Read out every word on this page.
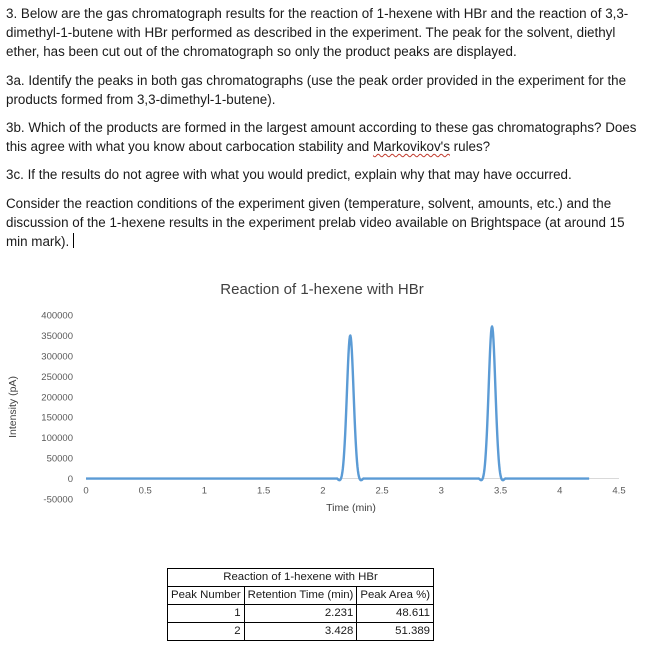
3. Below are the gas chromatograph results for the reaction of 1-hexene with HBr and the reaction of 3,3-dimethyl-1-butene with HBr performed as described in the experiment. The peak for the solvent, diethyl ether, has been cut out of the chromatograph so only the product peaks are displayed.

3a. Identify the peaks in both gas chromatographs (use the peak order provided in the experiment for the products formed from 3,3-dimethyl-1-butene).

3b. Which of the products are formed in the largest amount according to these gas chromatographs? Does this agree with what you know about carbocation stability and Markovikov's rules?

3c. If the results do not agree with what you would predict, explain why that may have occurred.

Consider the reaction conditions of the experiment given (temperature, solvent, amounts, etc.) and the discussion of the 1-hexene results in the experiment prelab video available on Brightspace (at around 15 min mark).

Reaction of 1-hexene with HBr
400000
350000
300000
250000
200000
150000
100000
50000
0
-50000
0	0.5	1	1.5	2	2.5	3	3.5	4	4.5
Time (min)
Intensity (pA)
Reaction of 1-hexene with HBr		
Peak Number	Retention Time (min)	Peak Area %)
1	2.231	48.611
2	3.428	51.389
